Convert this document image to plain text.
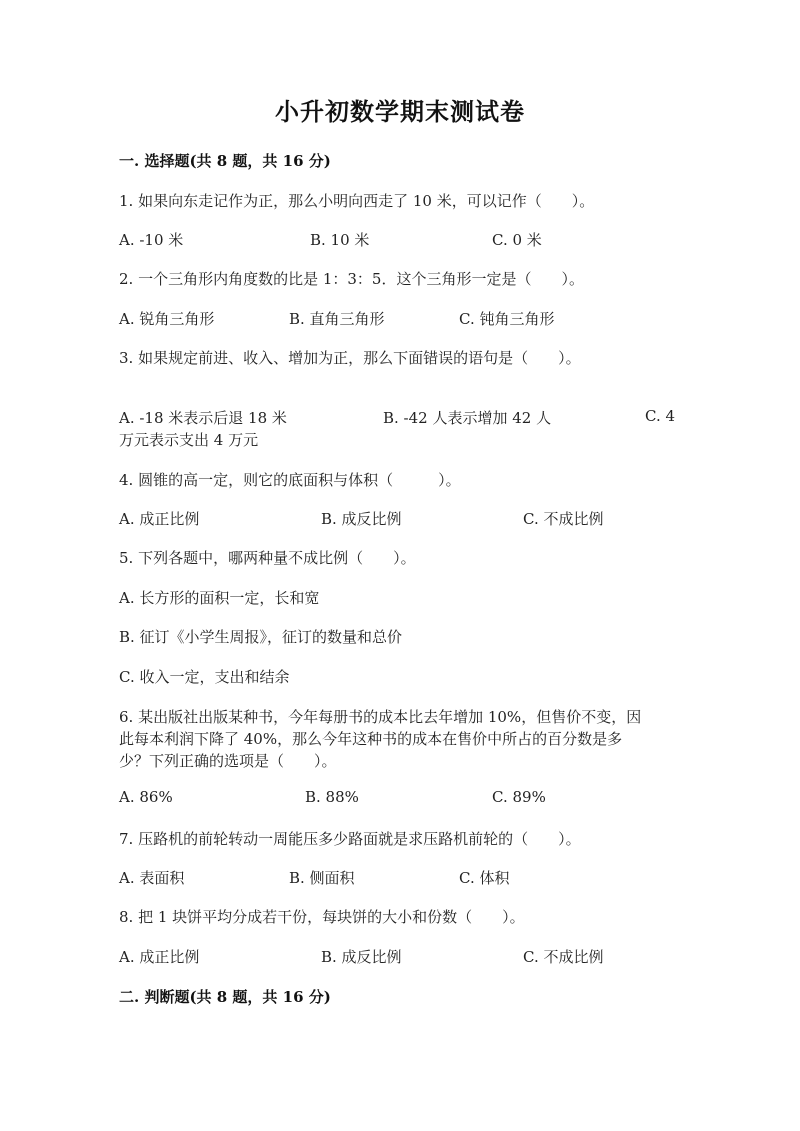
小升初数学期末测试卷
一. 选择题(共 8 题，共 16 分)
1. 如果向东走记作为正，那么小明向西走了 10 米，可以记作（　　）。
A. -10 米	B. 10 米	C. 0 米
2. 一个三角形内角度数的比是 1：3：5．这个三角形一定是（　　）。
A. 锐角三角形	B. 直角三角形	C. 钝角三角形
3. 如果规定前进、收入、增加为正，那么下面错误的语句是（　　）。
A. -18 米表示后退 18 米	B. -42 人表示增加 42 人	C. 4
万元表示支出 4 万元
4. 圆锥的高一定，则它的底面积与体积（　　　）。
A. 成正比例	B. 成反比例	C. 不成比例
5. 下列各题中，哪两种量不成比例（　　）。
A. 长方形的面积一定，长和宽
B. 征订《小学生周报》，征订的数量和总价
C. 收入一定，支出和结余
6. 某出版社出版某种书，今年每册书的成本比去年增加 10%，但售价不变，因
此每本利润下降了 40%，那么今年这种书的成本在售价中所占的百分数是多
少？下列正确的选项是（　　）。
A. 86%	B. 88%	C. 89%
7. 压路机的前轮转动一周能压多少路面就是求压路机前轮的（　　）。
A. 表面积	B. 侧面积	C. 体积
8. 把 1 块饼平均分成若干份，每块饼的大小和份数（　　）。
A. 成正比例	B. 成反比例	C. 不成比例
二. 判断题(共 8 题，共 16 分)
